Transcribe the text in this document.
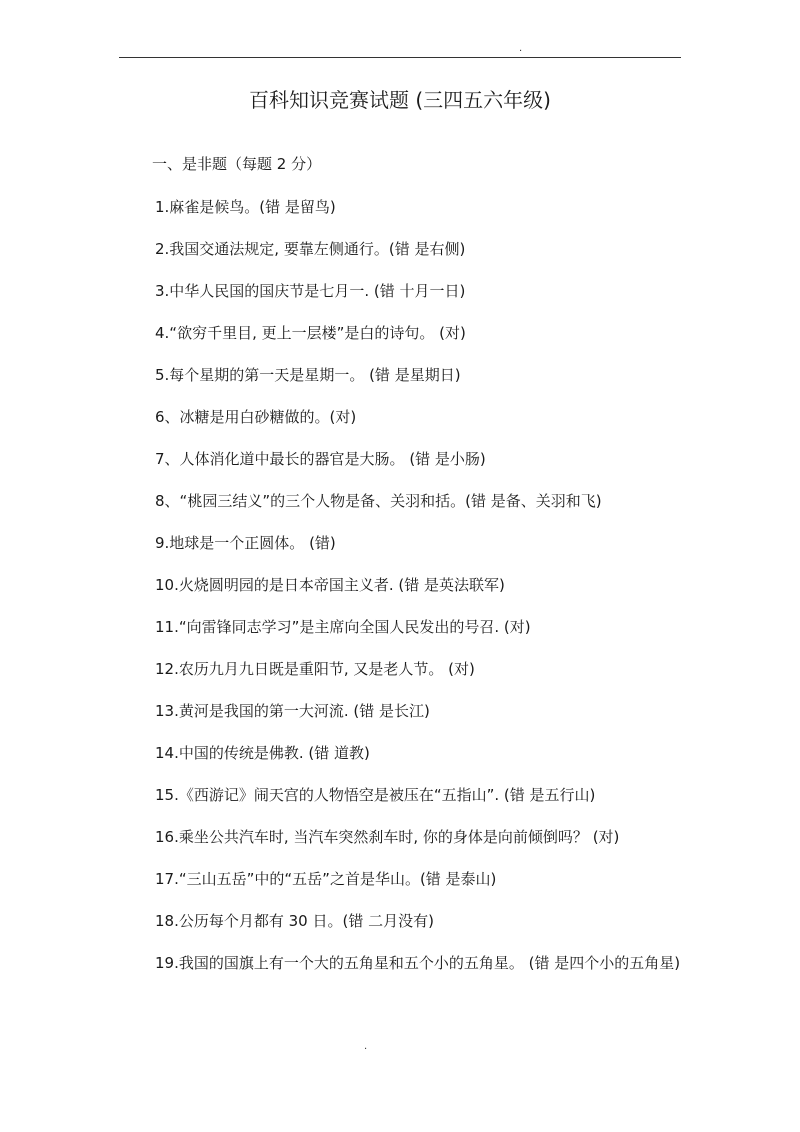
.
百科知识竞赛试题 (三四五六年级)
一、是非题（每题 2 分）
1.麻雀是候鸟。(错 是留鸟)
2.我国交通法规定, 要靠左侧通行。(错 是右侧)
3.中华人民国的国庆节是七月一. (错 十月一日)
4.“欲穷千里目, 更上一层楼”是白的诗句。 (对)
5.每个星期的第一天是星期一。 (错 是星期日)
6、冰糖是用白砂糖做的。(对)
7、人体消化道中最长的器官是大肠。 (错 是小肠)
8、“桃园三结义”的三个人物是备、关羽和括。(错 是备、关羽和飞)
9.地球是一个正圆体。 (错)
10.火烧圆明园的是日本帝国主义者. (错 是英法联军)
11.“向雷锋同志学习”是主席向全国人民发出的号召. (对)
12.农历九月九日既是重阳节, 又是老人节。 (对)
13.黄河是我国的第一大河流. (错 是长江)
14.中国的传统是佛教. (错 道教)
15.《西游记》闹天宫的人物悟空是被压在“五指山”. (错 是五行山)
16.乘坐公共汽车时, 当汽车突然刹车时, 你的身体是向前倾倒吗？ (对)
17.“三山五岳”中的“五岳”之首是华山。(错 是泰山)
18.公历每个月都有 30 日。(错 二月没有)
19.我国的国旗上有一个大的五角星和五个小的五角星。 (错 是四个小的五角星)
.
